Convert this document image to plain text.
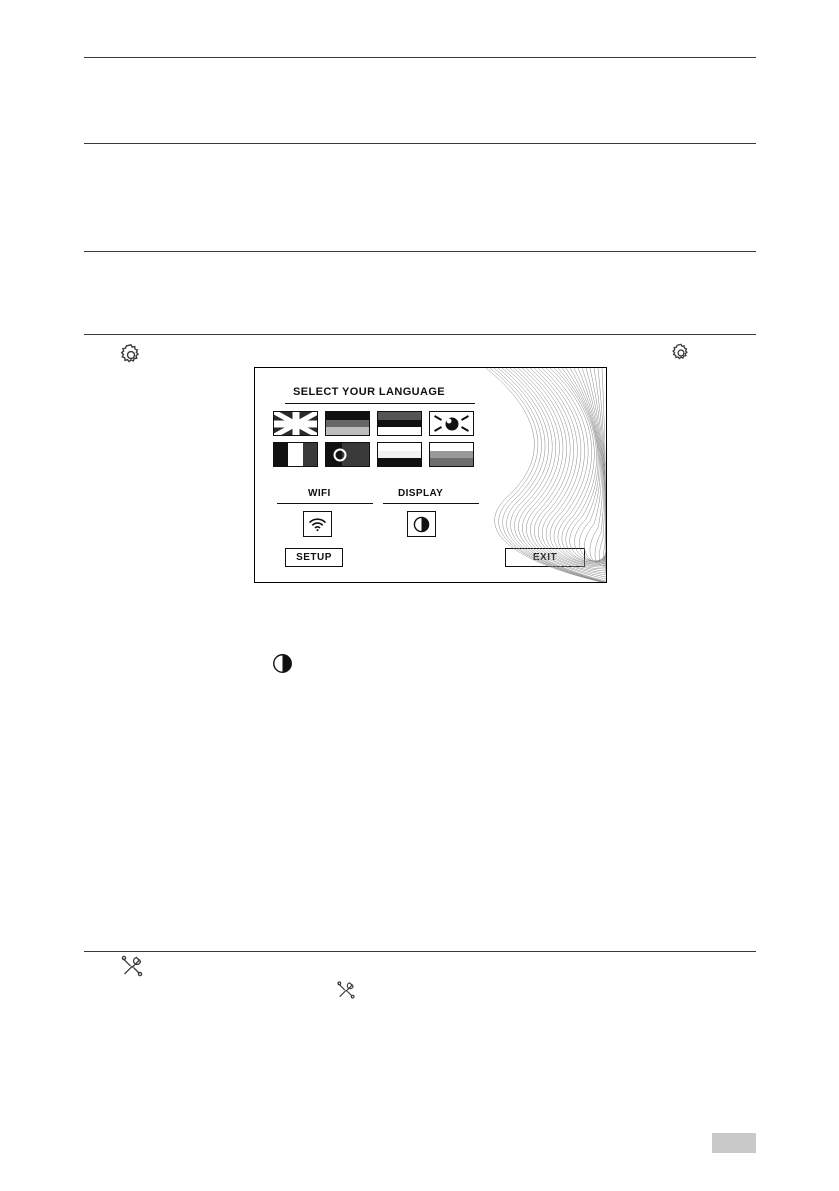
SELECT YOUR LANGUAGE
WIFI	DISPLAY
SETUP	EXIT
